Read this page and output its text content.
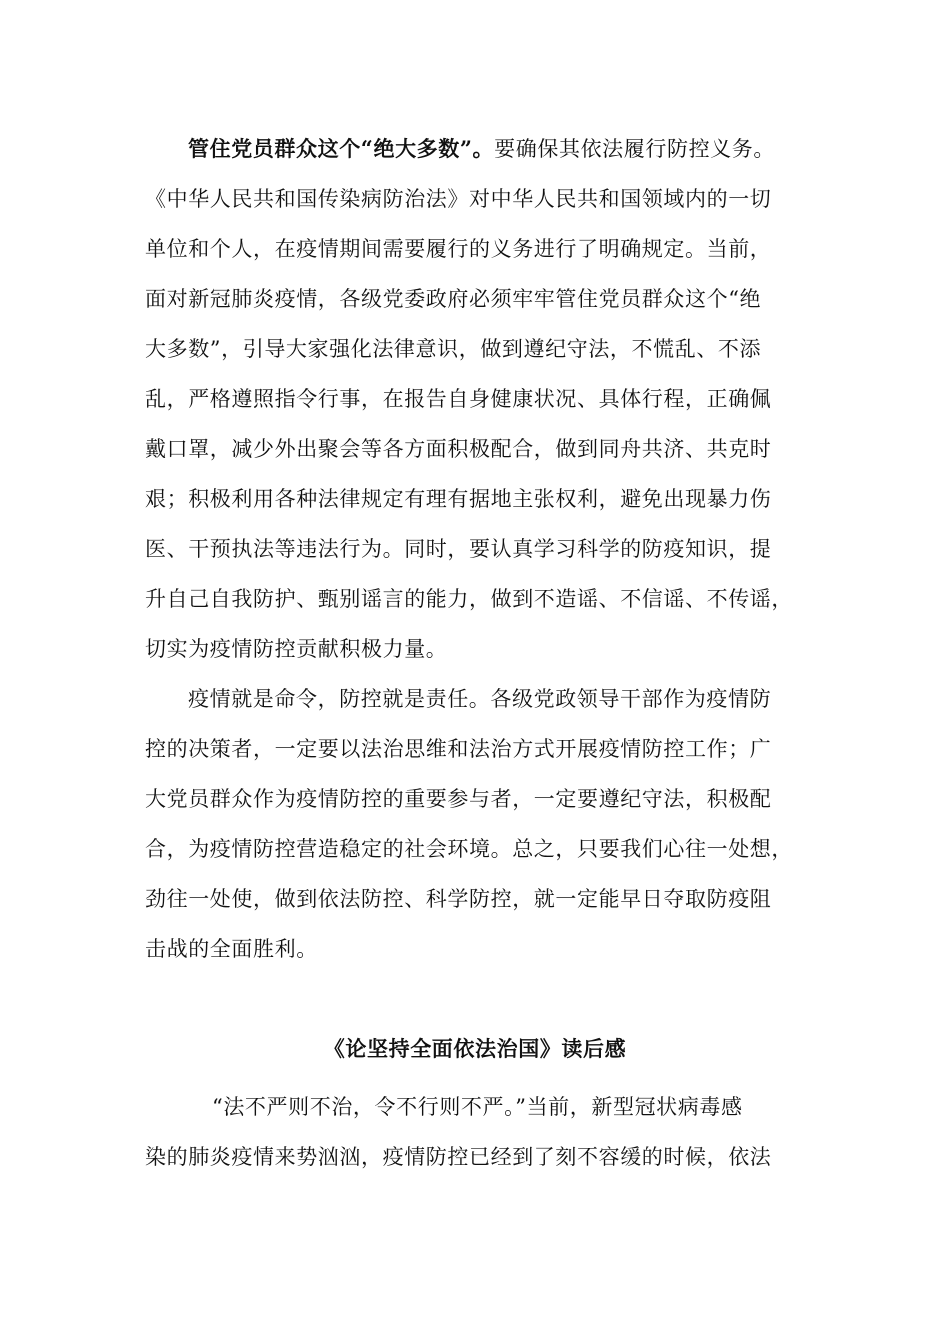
管住党员群众这个“绝大多数”。要确保其依法履行防控义务。
《中华人民共和国传染病防治法》对中华人民共和国领域内的一切
单位和个人，在疫情期间需要履行的义务进行了明确规定。当前，
面对新冠肺炎疫情，各级党委政府必须牢牢管住党员群众这个“绝
大多数”，引导大家强化法律意识，做到遵纪守法，不慌乱、不添
乱，严格遵照指令行事，在报告自身健康状况、具体行程，正确佩
戴口罩，减少外出聚会等各方面积极配合，做到同舟共济、共克时
艰；积极利用各种法律规定有理有据地主张权利，避免出现暴力伤
医、干预执法等违法行为。同时，要认真学习科学的防疫知识，提
升自己自我防护、甄别谣言的能力，做到不造谣、不信谣、不传谣，
切实为疫情防控贡献积极力量。
疫情就是命令，防控就是责任。各级党政领导干部作为疫情防
控的决策者，一定要以法治思维和法治方式开展疫情防控工作；广
大党员群众作为疫情防控的重要参与者，一定要遵纪守法，积极配
合，为疫情防控营造稳定的社会环境。总之，只要我们心往一处想，
劲往一处使，做到依法防控、科学防控，就一定能早日夺取防疫阻
击战的全面胜利。
《论坚持全面依法治国》读后感
“法不严则不治，令不行则不严。”当前，新型冠状病毒感
染的肺炎疫情来势汹汹，疫情防控已经到了刻不容缓的时候，依法
